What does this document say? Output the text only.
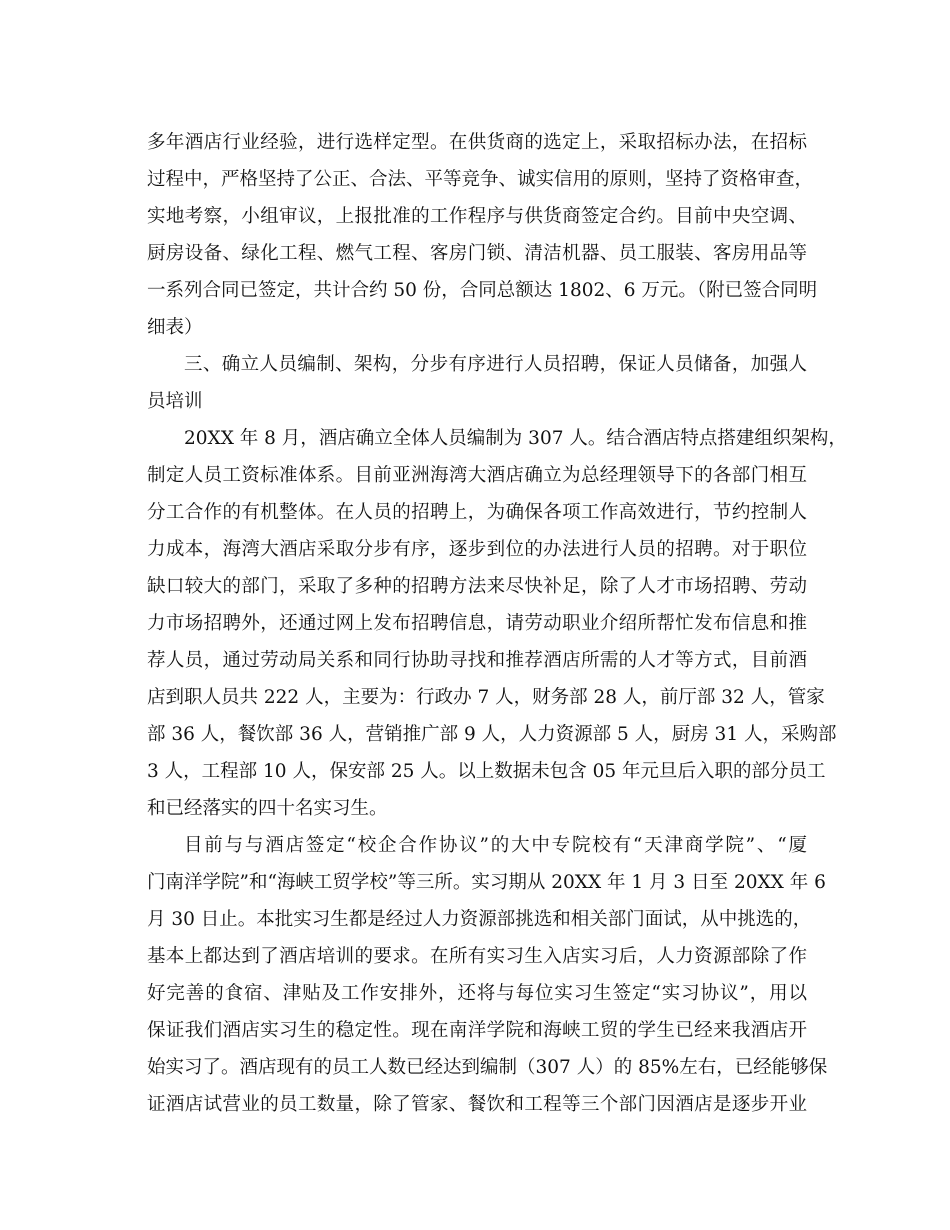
多年酒店行业经验，进行选样定型。在供货商的选定上，采取招标办法，在招标
过程中，严格坚持了公正、合法、平等竞争、诚实信用的原则，坚持了资格审查，
实地考察，小组审议，上报批准的工作程序与供货商签定合约。目前中央空调、
厨房设备、绿化工程、燃气工程、客房门锁、清洁机器、员工服装、客房用品等
一系列合同已签定，共计合约 50 份，合同总额达 1802、6 万元。（附已签合同明
细表）
三、确立人员编制、架构，分步有序进行人员招聘，保证人员储备，加强人
员培训
20XX 年 8 月，酒店确立全体人员编制为 307 人。结合酒店特点搭建组织架构，
制定人员工资标准体系。目前亚洲海湾大酒店确立为总经理领导下的各部门相互
分工合作的有机整体。在人员的招聘上，为确保各项工作高效进行，节约控制人
力成本，海湾大酒店采取分步有序，逐步到位的办法进行人员的招聘。对于职位
缺口较大的部门，采取了多种的招聘方法来尽快补足，除了人才市场招聘、劳动
力市场招聘外，还通过网上发布招聘信息，请劳动职业介绍所帮忙发布信息和推
荐人员，通过劳动局关系和同行协助寻找和推荐酒店所需的人才等方式，目前酒
店到职人员共 222 人，主要为：行政办 7 人，财务部 28 人，前厅部 32 人，管家
部 36 人，餐饮部 36 人，营销推广部 9 人，人力资源部 5 人，厨房 31 人，采购部
3 人，工程部 10 人，保安部 25 人。以上数据未包含 05 年元旦后入职的部分员工
和已经落实的四十名实习生。
目前与与酒店签定“校企合作协议”的大中专院校有“天津商学院”、“厦
门南洋学院”和“海峡工贸学校”等三所。实习期从 20XX 年 1 月 3 日至 20XX 年 6
月 30 日止。本批实习生都是经过人力资源部挑选和相关部门面试，从中挑选的，
基本上都达到了酒店培训的要求。在所有实习生入店实习后，人力资源部除了作
好完善的食宿、津贴及工作安排外，还将与每位实习生签定“实习协议”，用以
保证我们酒店实习生的稳定性。现在南洋学院和海峡工贸的学生已经来我酒店开
始实习了。酒店现有的员工人数已经达到编制（307 人）的 85%左右，已经能够保
证酒店试营业的员工数量，除了管家、餐饮和工程等三个部门因酒店是逐步开业
